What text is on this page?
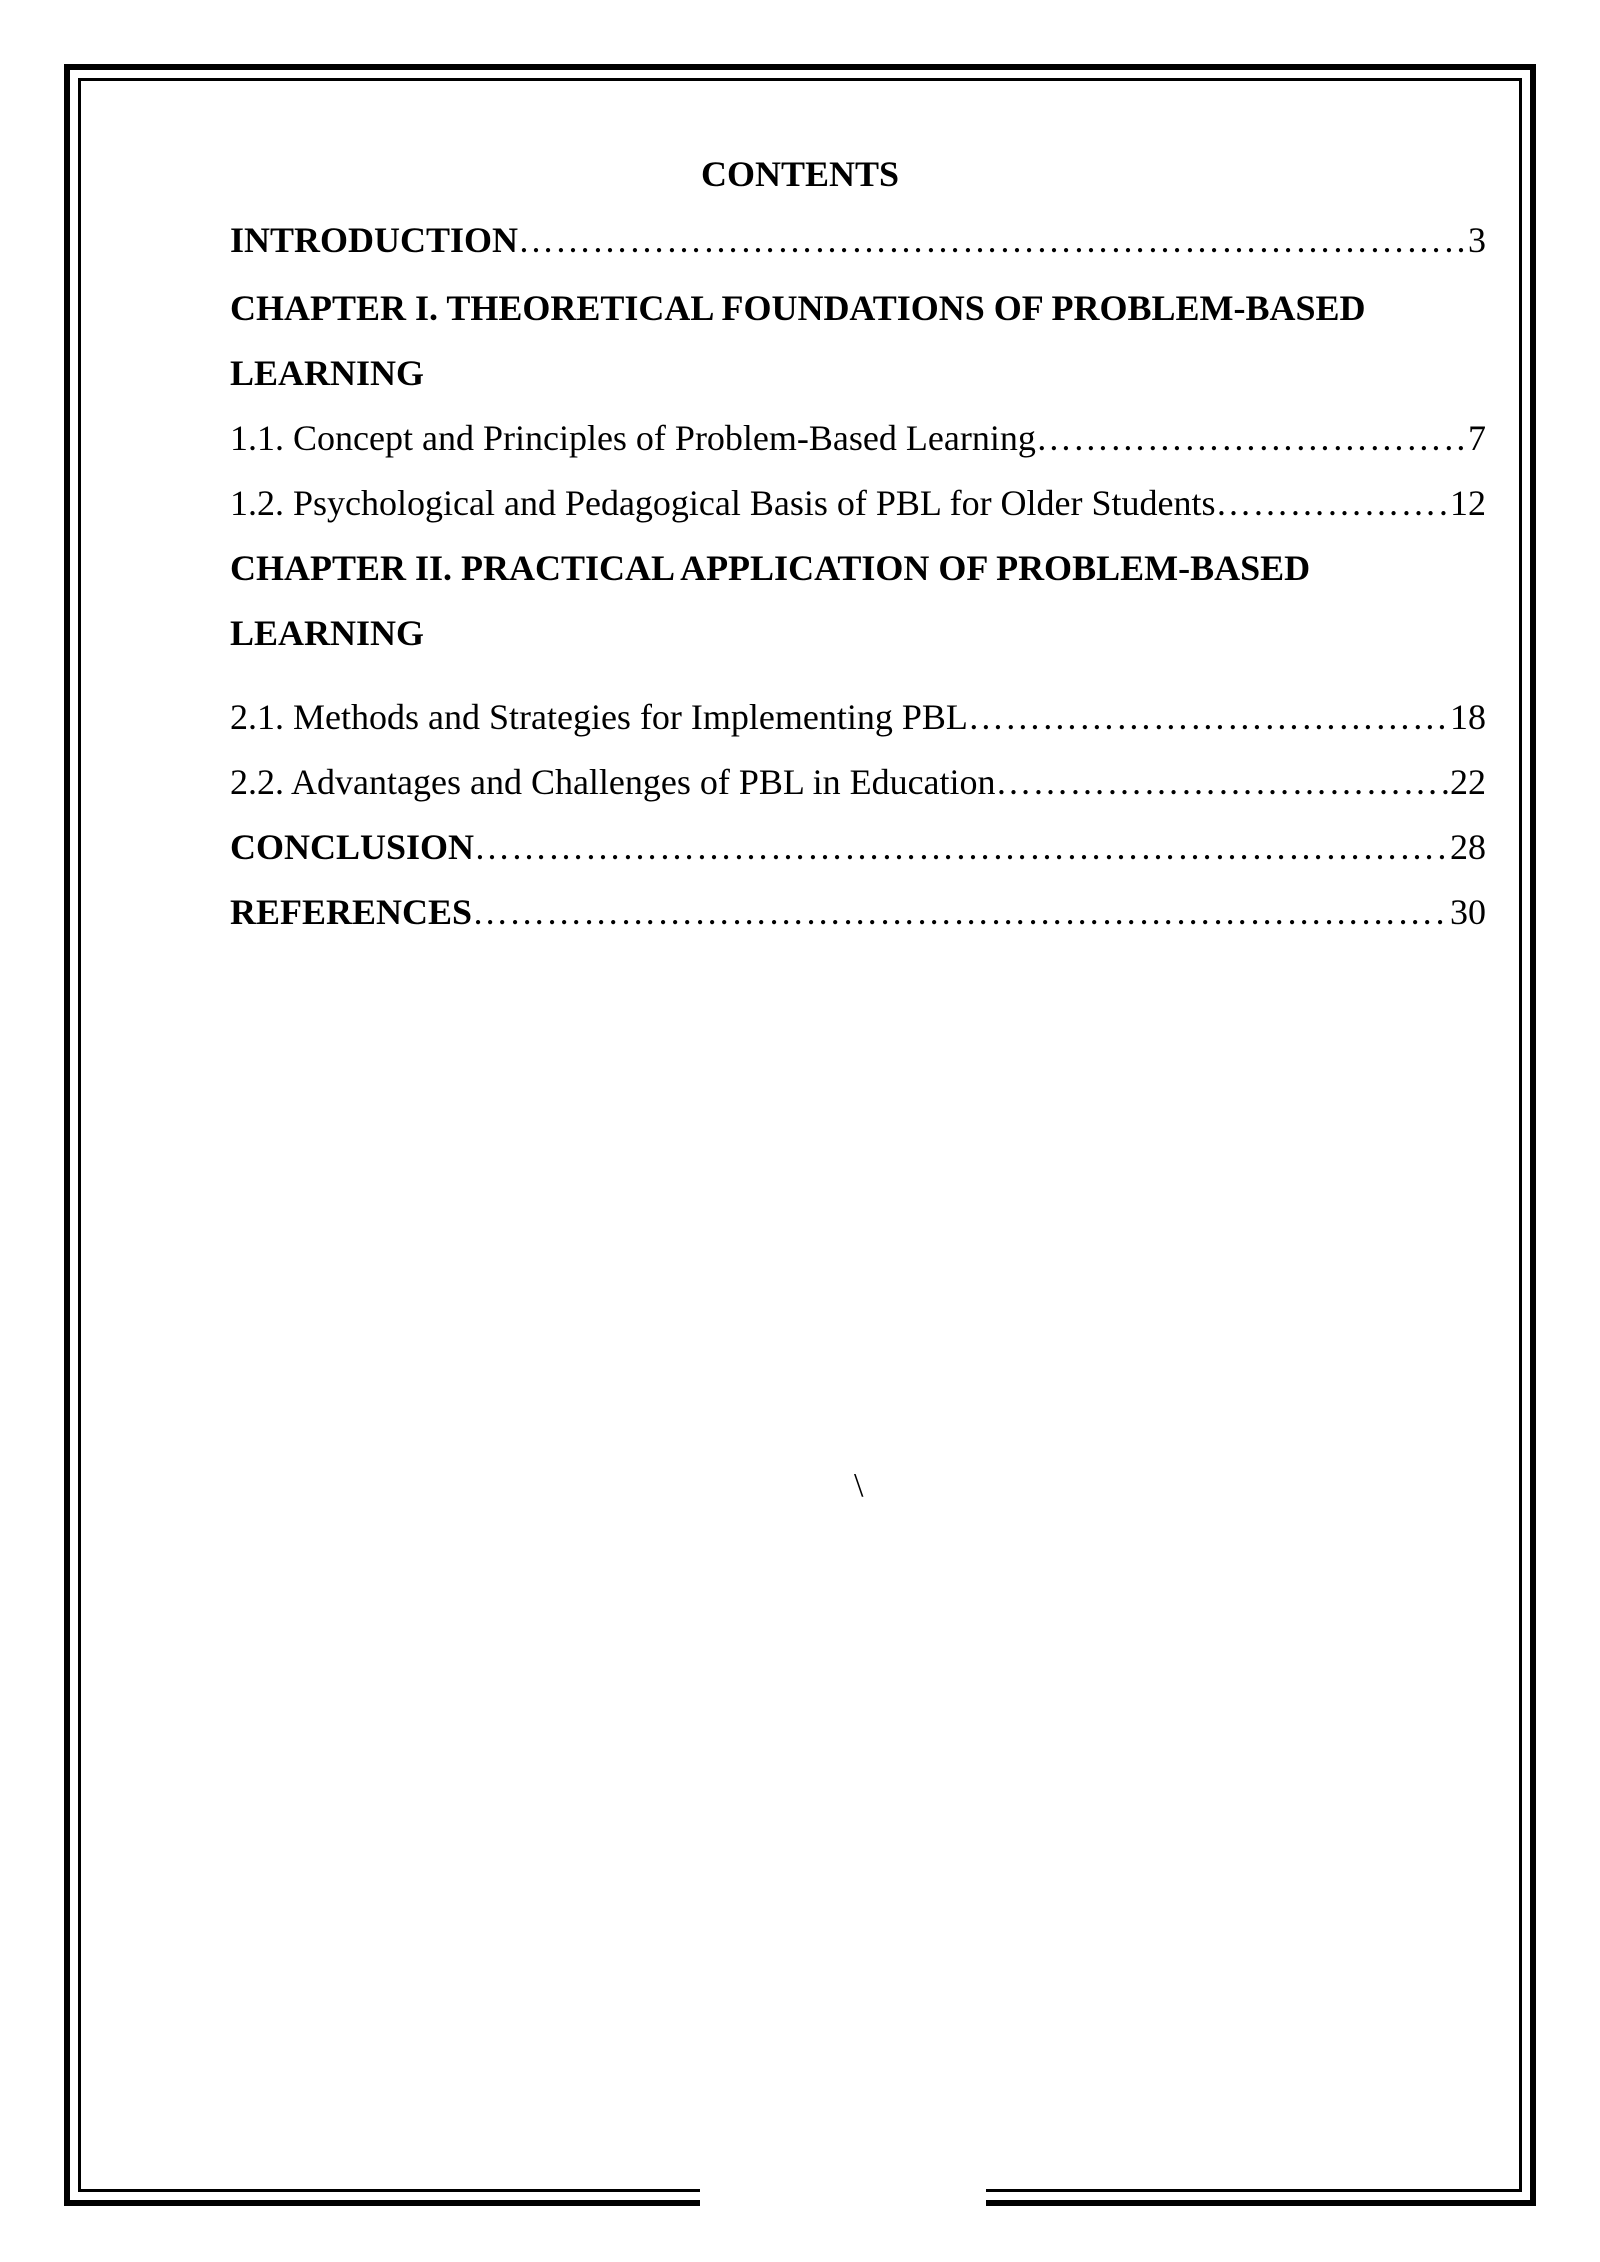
CONTENTS
INTRODUCTION ………………………………………………………………………………………………………………………………………………………………………………	3
CHAPTER I. THEORETICAL FOUNDATIONS OF PROBLEM-BASED
LEARNING
1.1. Concept and Principles of Problem-Based Learning ………………………………………………………………………………………………………………………………………………………………………………	7
1.2. Psychological and Pedagogical Basis of PBL for Older Students ………………………………………………………………………………………………………………………………………………………………………………	12
CHAPTER II. PRACTICAL APPLICATION OF PROBLEM-BASED
LEARNING
2.1. Methods and Strategies for Implementing PBL ………………………………………………………………………………………………………………………………………………………………………………	18
2.2. Advantages and Challenges of PBL in Education ………………………………………………………………………………………………………………………………………………………………………………	22
CONCLUSION ………………………………………………………………………………………………………………………………………………………………………………	28
REFERENCES ………………………………………………………………………………………………………………………………………………………………………………	30
\
